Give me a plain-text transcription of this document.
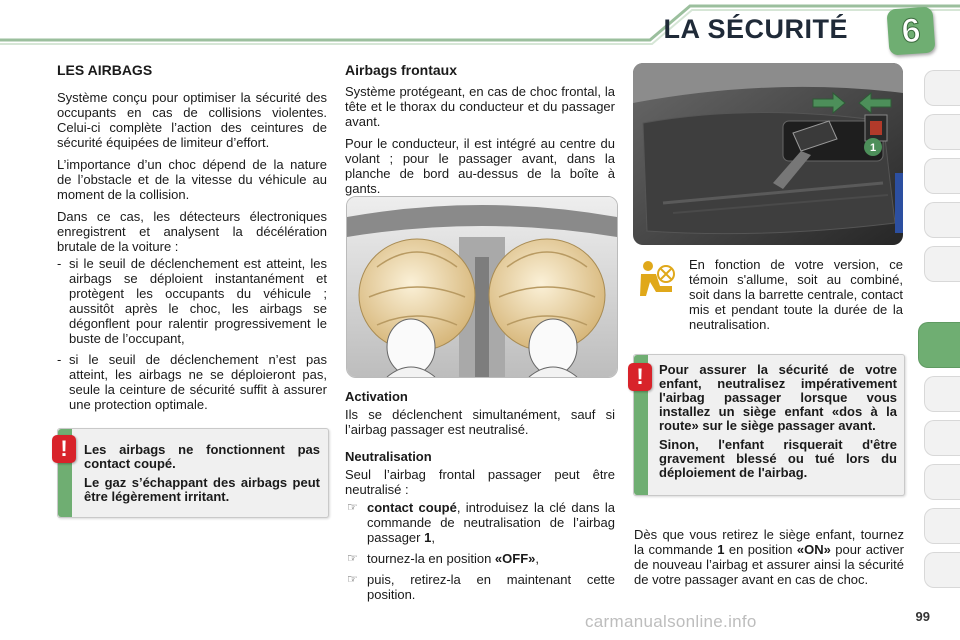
LA SÉCURITÉ 6
LES AIRBAGS

Système conçu pour optimiser la sécurité des occupants en cas de collisions violentes. Celui-ci complète l’action des ceintures de sécurité équipées de limiteur d’effort.

L’importance d’un choc dépend de la nature de l’obstacle et de la vitesse du véhicule au moment de la collision.

Dans ce cas, les détecteurs électroniques enregistrent et analysent la décélération brutale de la voiture :

- si le seuil de déclenchement est atteint, les airbags se déploient instantanément et protègent les occupants du véhicule ; aussitôt après le choc, les airbags se dégonflent pour ralentir progressivement le buste de l’occupant,
- si le seuil de déclenchement n’est pas atteint, les airbags ne se déploieront pas, seule la ceinture de sécurité suffit à assurer une protection optimale.
!	Les airbags ne fonctionnent pas contact coupé.

Le gaz s’échappant des airbags peut être légèrement irritant.

Airbags frontaux

Système protégeant, en cas de choc frontal, la tête et le thorax du conducteur et du passager avant.

Pour le conducteur, il est intégré au centre du volant ; pour le passager avant, dans la planche de bord au-dessus de la boîte à gants.

Activation

Ils se déclenchent simultanément, sauf si l’airbag passager est neutralisé.

Neutralisation

Seul l’airbag frontal passager peut être neutralisé :

☞ contact coupé, introduisez la clé dans la commande de neutralisation de l’airbag passager 1,
☞ tournez-la en position «OFF»,
☞ puis, retirez-la en maintenant cette position.
1
En fonction de votre version, ce témoin s'allume, soit au combiné, soit dans la barrette centrale, contact mis et pendant toute la durée de la neutralisation.
!	Pour assurer la sécurité de votre enfant, neutralisez impérativement l'airbag passager lorsque vous installez un siège enfant «dos à la route» sur le siège passager avant.

Sinon, l'enfant risquerait d'être gravement blessé ou tué lors du déploiement de l'airbag.

Dès que vous retirez le siège enfant, tournez la commande 1 en position «ON» pour activer de nouveau l’airbag et assurer ainsi la sécurité de votre passager avant en cas de choc.
99
carmanualsonline.info
